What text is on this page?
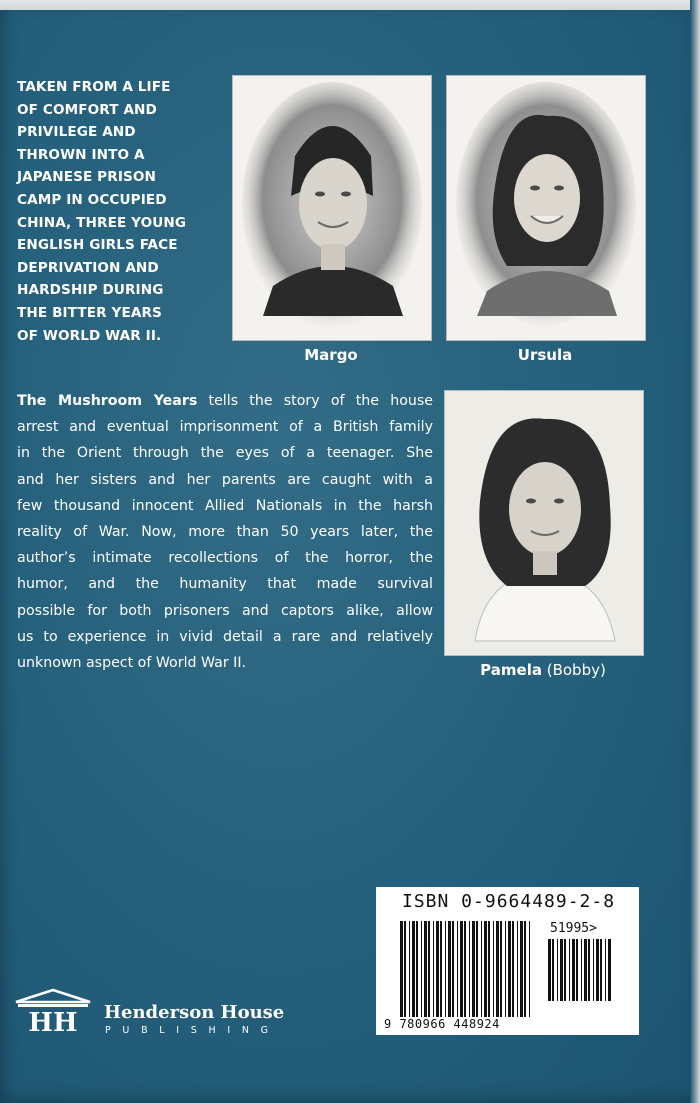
TAKEN FROM A LIFE
OF COMFORT AND
PRIVILEGE AND
THROWN INTO A
JAPANESE PRISON
CAMP IN OCCUPIED
CHINA, THREE YOUNG
ENGLISH GIRLS FACE
DEPRIVATION AND
HARDSHIP DURING
THE BITTER YEARS
OF WORLD WAR II.
Margo	Ursula
Pamela (Bobby)
The Mushroom Years tells the story of the house
arrest and eventual imprisonment of a British family
in the Orient through the eyes of a teenager. She
and her sisters and her parents are caught with a
few thousand innocent Allied Nationals in the harsh
reality of War. Now, more than 50 years later, the
author’s intimate recollections of the horror, the
humor, and the humanity that made survival
possible for both prisoners and captors alike, allow
us to experience in vivid detail a rare and relatively
unknown aspect of World War II.
ISBN 0-9664489-2-8
51995>
9 780966 448924
HH Henderson House
PUBLISHING
